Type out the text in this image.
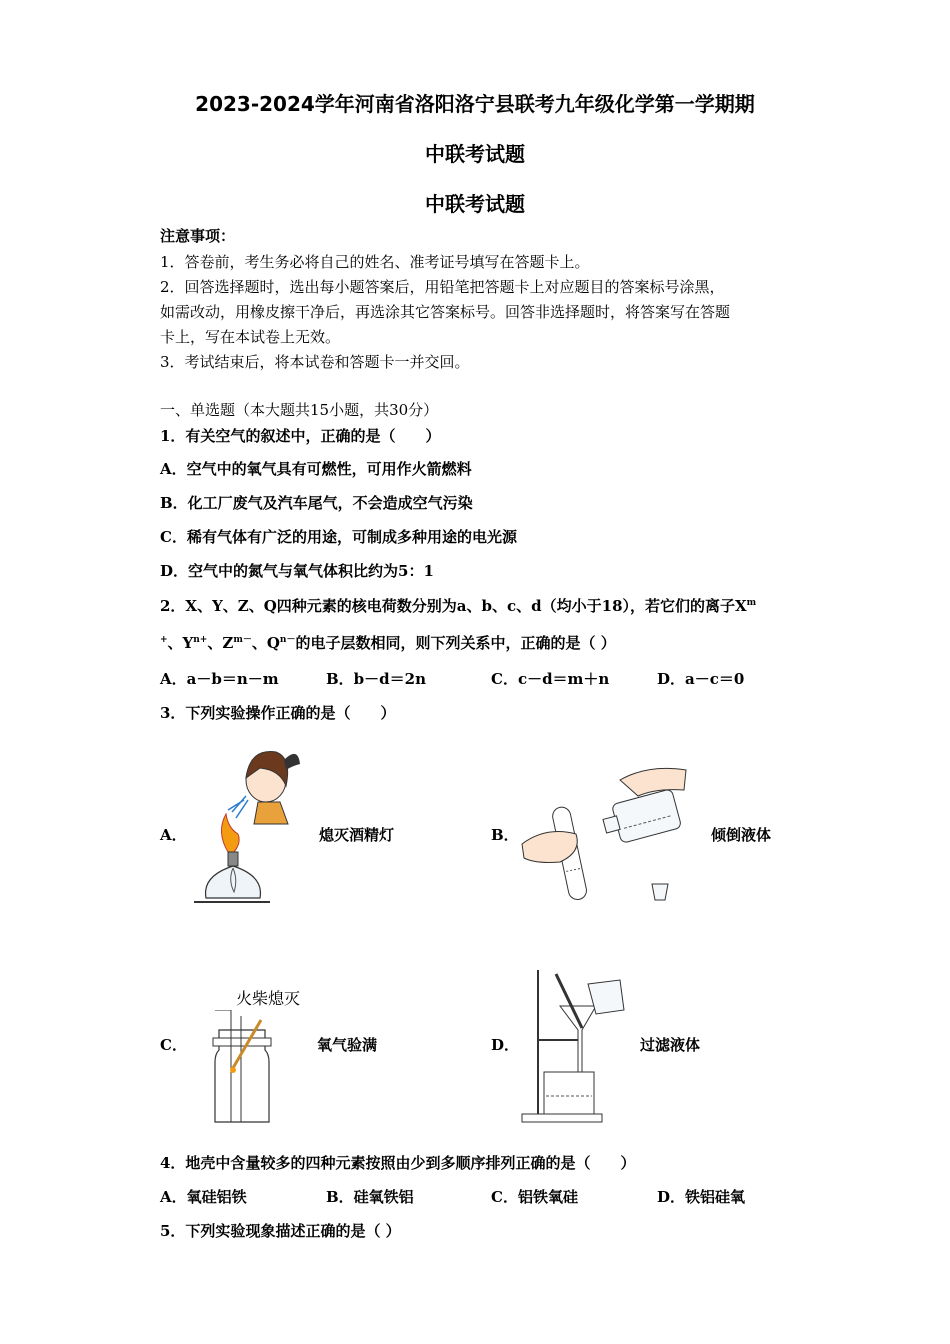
2023-2024学年河南省洛阳洛宁县联考九年级化学第一学期期
中联考试题
中联考试题
注意事项：
1．答卷前，考生务必将自己的姓名、准考证号填写在答题卡上。
2．回答选择题时，选出每小题答案后，用铅笔把答题卡上对应题目的答案标号涂黑，
如需改动，用橡皮擦干净后，再选涂其它答案标号。回答非选择题时，将答案写在答题
卡上，写在本试卷上无效。
3．考试结束后，将本试卷和答题卡一并交回。
一、单选题（本大题共15小题，共30分）
1．有关空气的叙述中，正确的是（　　）
A．空气中的氧气具有可燃性，可用作火箭燃料
B．化工厂废气及汽车尾气，不会造成空气污染
C．稀有气体有广泛的用途，可制成多种用途的电光源
D．空气中的氮气与氧气体积比约为5：1
2．X、Y、Z、Q四种元素的核电荷数分别为a、b、c、d（均小于18），若它们的离子$X^m$
+、$Y^{n+}$、$Z^{m-}$、$Q^{n-}$的电子层数相同，则下列关系中，正确的是（ ）
A．a－b＝n－m	B．b－d＝2n	C．c－d＝m＋n	D．a－c＝0
3．下列实验操作正确的是（　　）
A．	熄灭酒精灯	B．	倾倒液体
火柴熄灭
C．	氧气验满	D．	过滤液体
4．地壳中含量较多的四种元素按照由少到多顺序排列正确的是（　　）
A．氧硅铝铁	B．硅氧铁铝	C．铝铁氧硅	D．铁铝硅氧
5．下列实验现象描述正确的是（ ）
